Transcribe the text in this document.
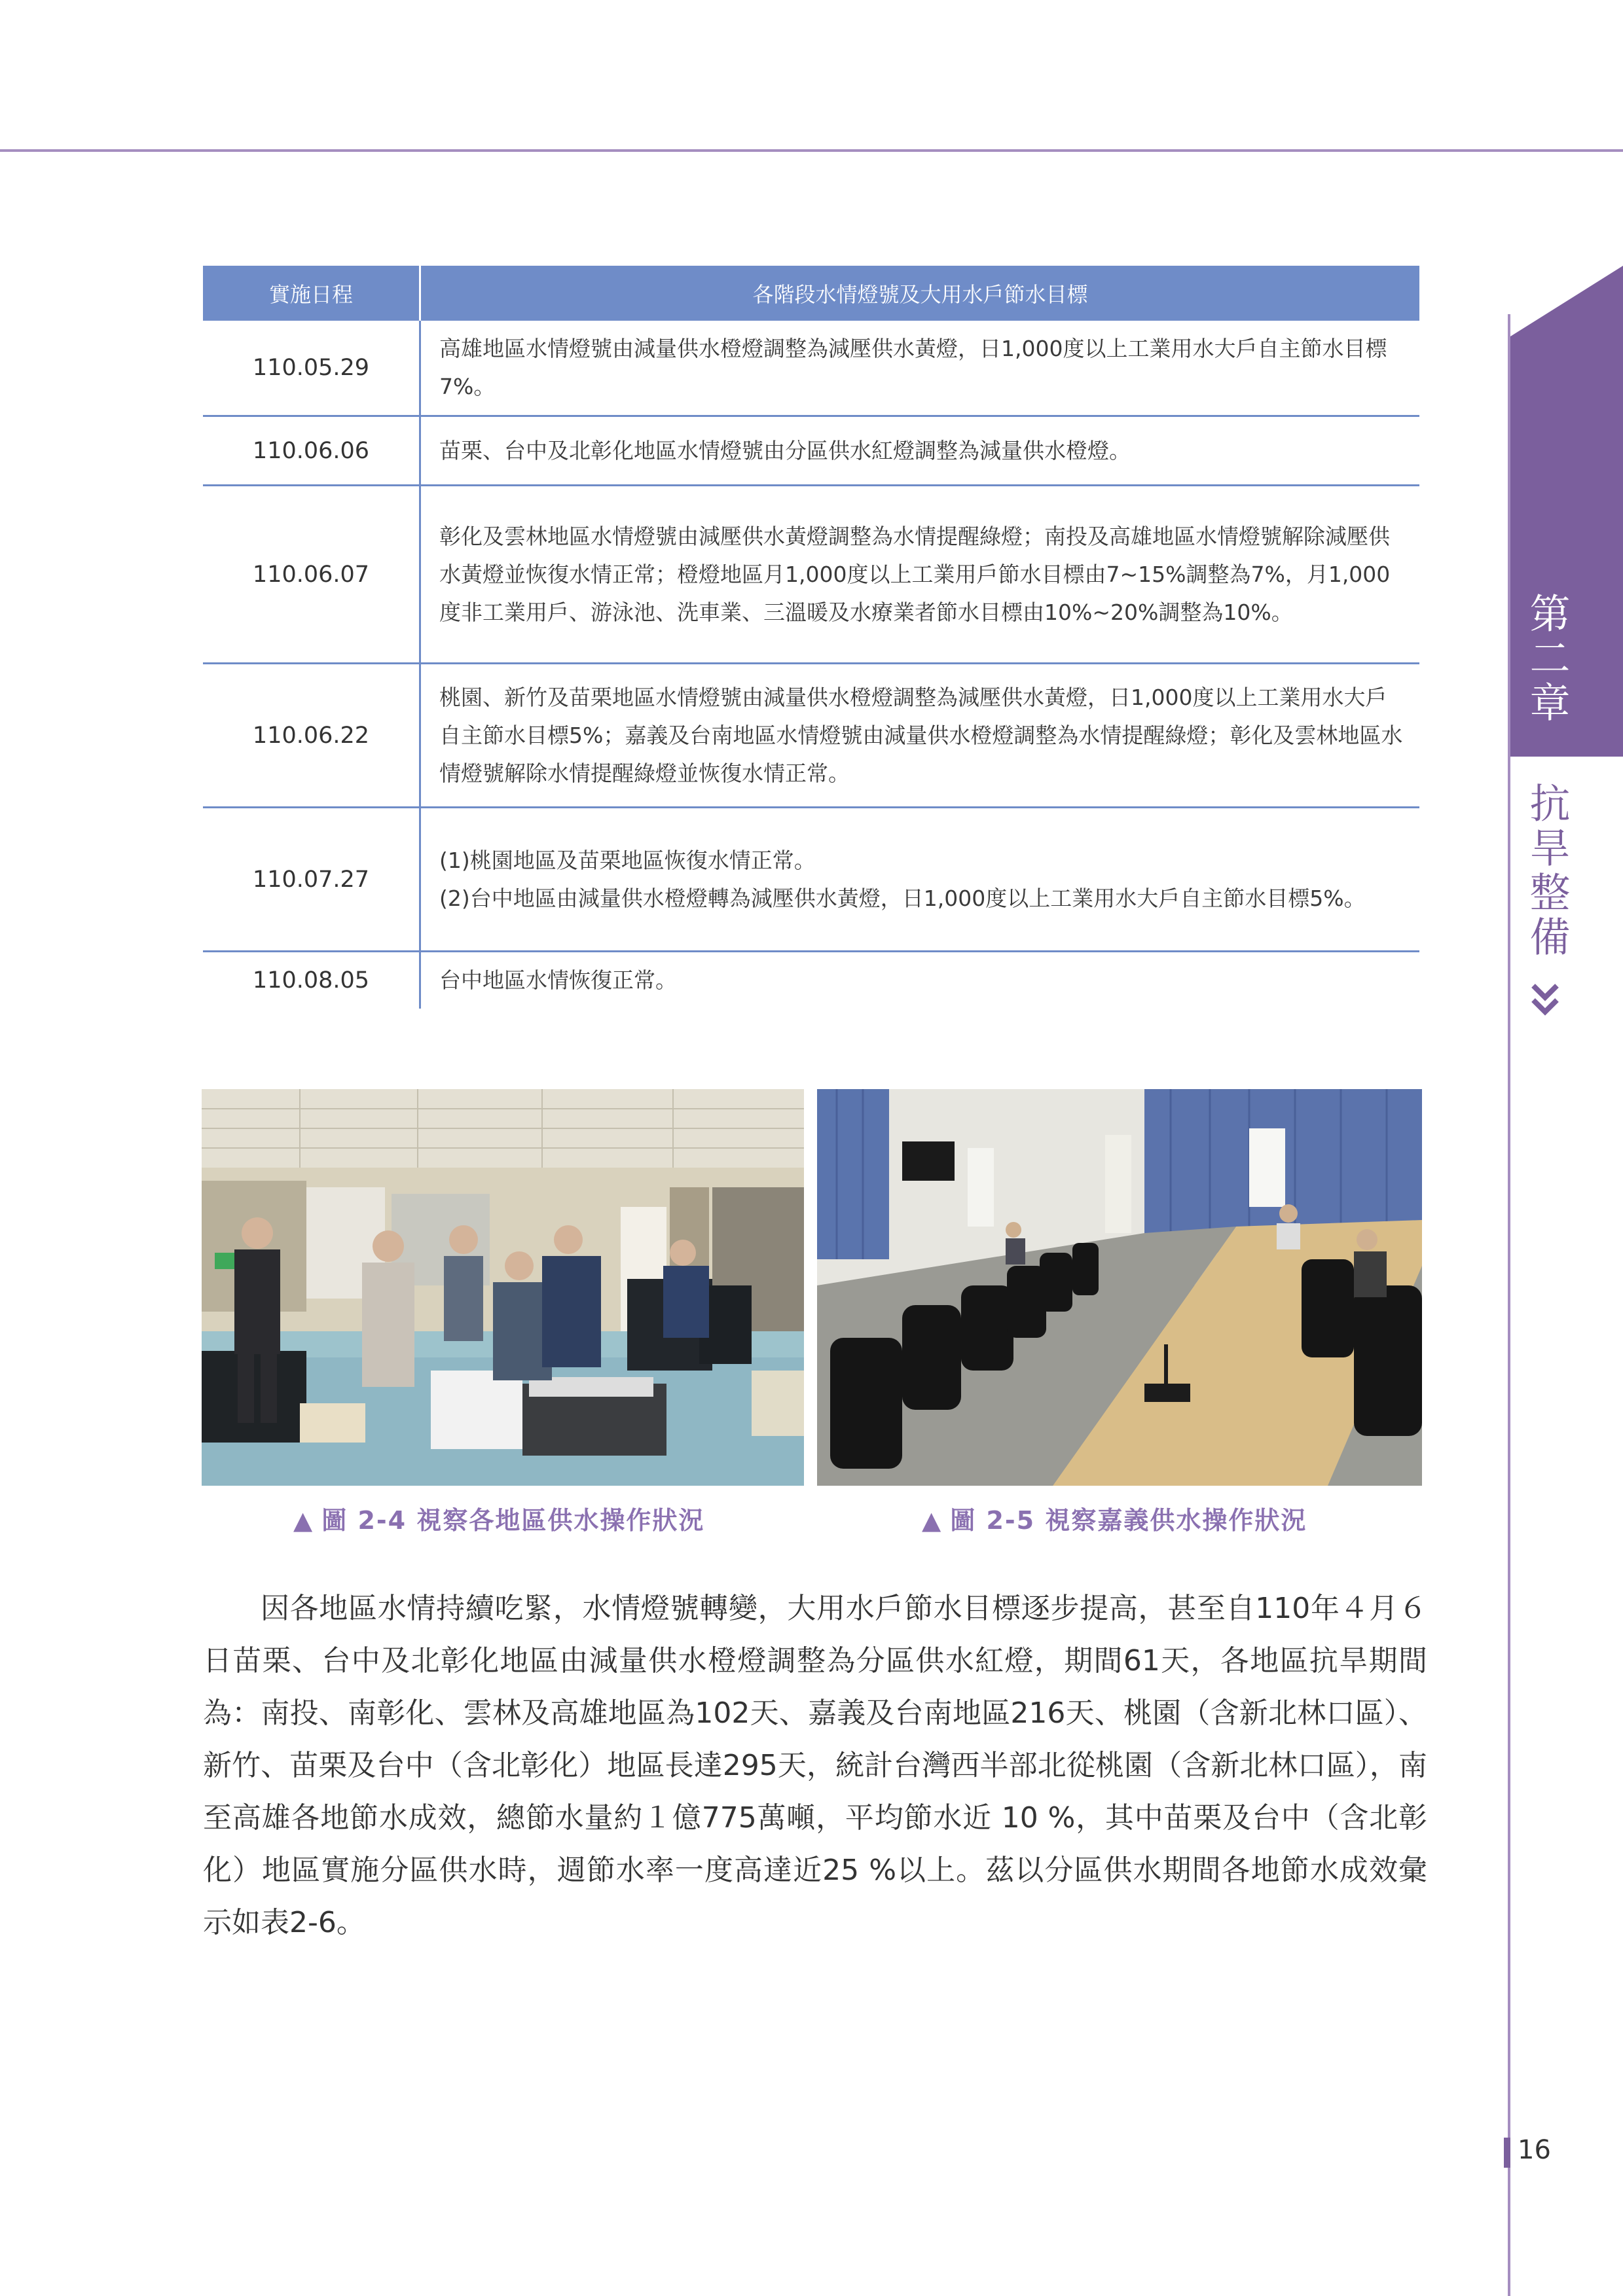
第二章
抗旱整備
實施日程	各階段水情燈號及大用水戶節水目標
110.05.29	高雄地區水情燈號由減量供水橙燈調整為減壓供水黃燈，日1,000度以上工業用水大戶自主節水目標7%。
110.06.06	苗栗、台中及北彰化地區水情燈號由分區供水紅燈調整為減量供水橙燈。
110.06.07	彰化及雲林地區水情燈號由減壓供水黃燈調整為水情提醒綠燈；南投及高雄地區水情燈號解除減壓供水黃燈並恢復水情正常；橙燈地區月1,000度以上工業用戶節水目標由7~15%調整為7%，月1,000度非工業用戶、游泳池、洗車業、三溫暖及水療業者節水目標由10%~20%調整為10%。
110.06.22	桃園、新竹及苗栗地區水情燈號由減量供水橙燈調整為減壓供水黃燈，日1,000度以上工業用水大戶自主節水目標5%；嘉義及台南地區水情燈號由減量供水橙燈調整為水情提醒綠燈；彰化及雲林地區水情燈號解除水情提醒綠燈並恢復水情正常。
110.07.27	(1)桃園地區及苗栗地區恢復水情正常。
(2)台中地區由減量供水橙燈轉為減壓供水黃燈，日1,000度以上工業用水大戶自主節水目標5%。

110.08.05	台中地區水情恢復正常。
▲ 圖 2-4 視察各地區供水操作狀況	▲ 圖 2-5 視察嘉義供水操作狀況
因各地區水情持續吃緊，水情燈號轉變，大用水戶節水目標逐步提高，甚至自110年４月６日苗栗、台中及北彰化地區由減量供水橙燈調整為分區供水紅燈，期間61天，各地區抗旱期間為：南投、南彰化、雲林及高雄地區為102天、嘉義及台南地區216天、桃園（含新北林口區）、新竹、苗栗及台中（含北彰化）地區長達295天，統計台灣西半部北從桃園（含新北林口區），南至高雄各地節水成效，總節水量約１億775萬噸，平均節水近 10 %，其中苗栗及台中（含北彰化）地區實施分區供水時，週節水率一度高達近25 %以上。茲以分區供水期間各地節水成效彙示如表2-6。
16
